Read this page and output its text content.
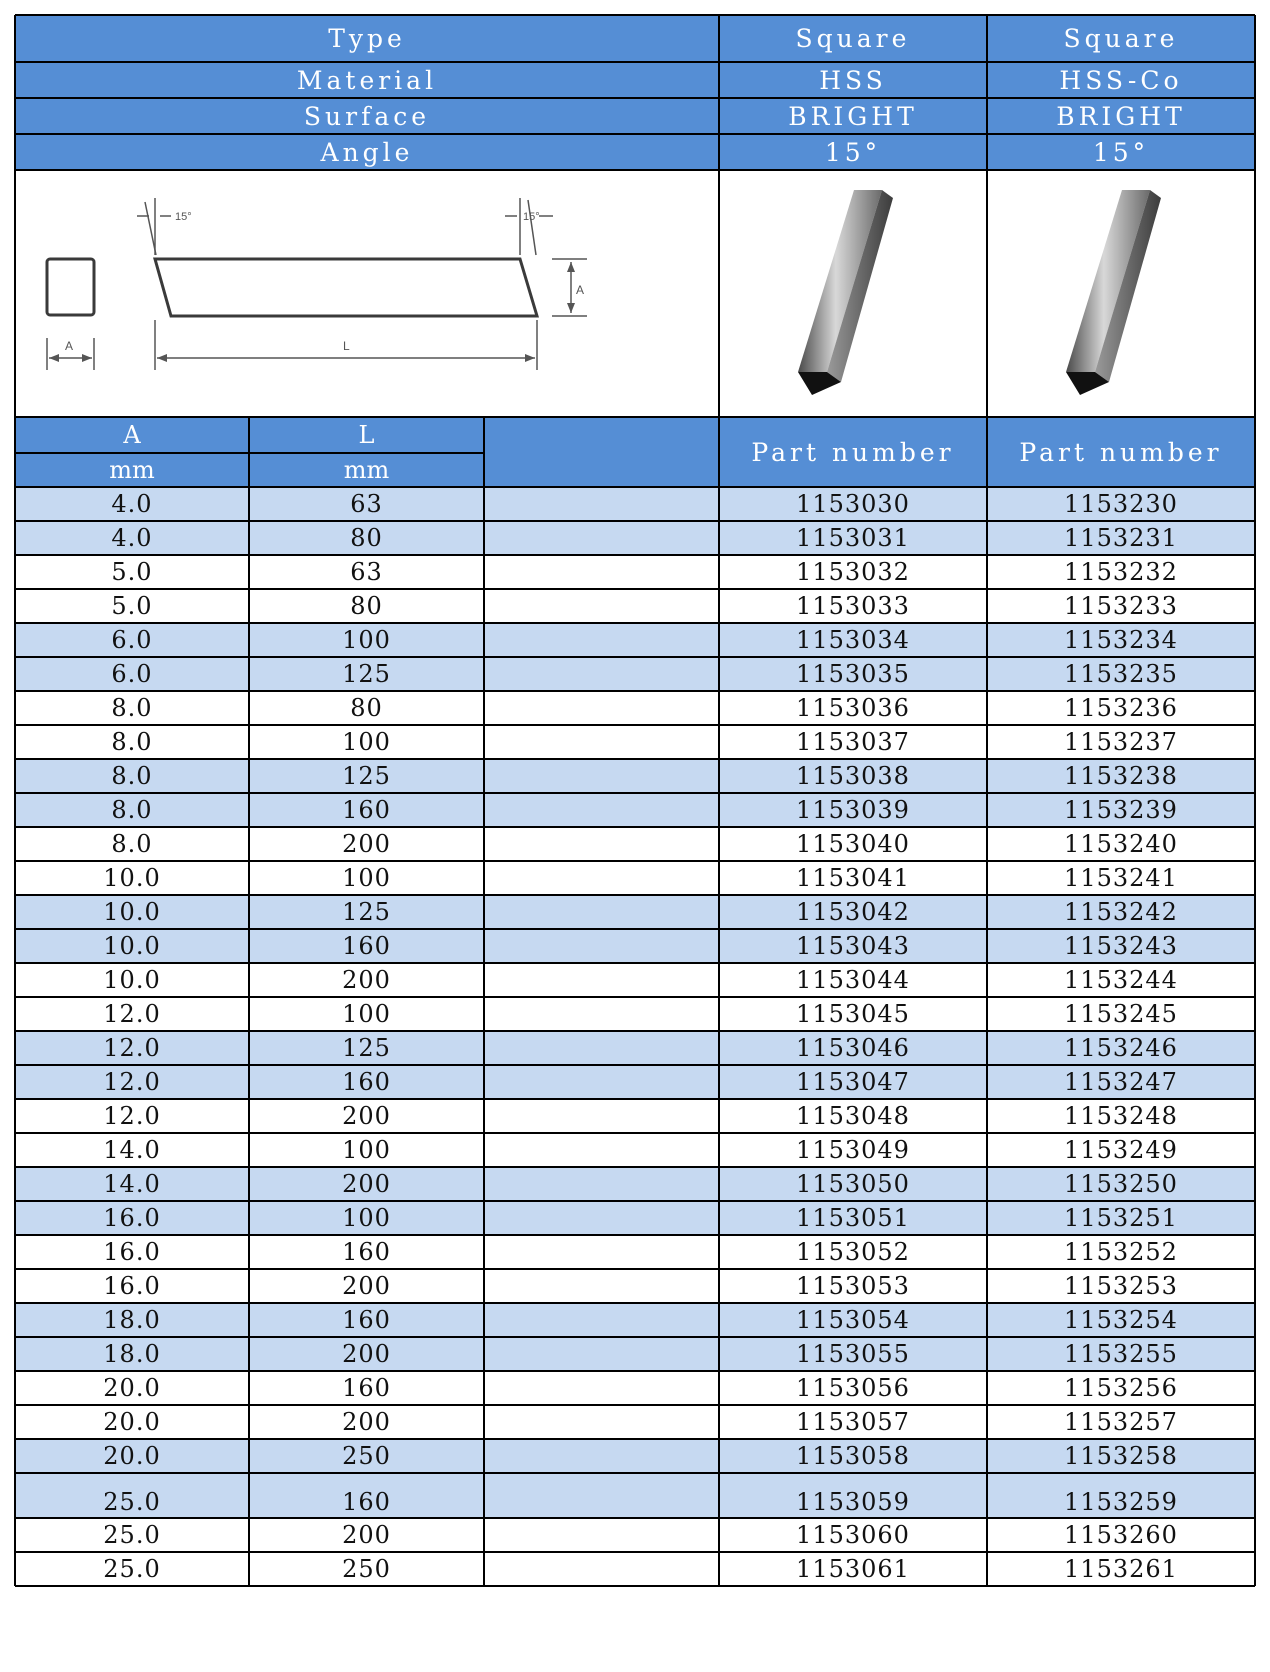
Type	Square	Square
Material	HSS	HSS-Co
Surface	BRIGHT	BRIGHT
Angle	15°	15°
15°	15°
A
A	L
A	L
mm	mm
Part number	Part number
4.0	63	1153030	1153230
4.0	80	1153031	1153231
5.0	63	1153032	1153232
5.0	80	1153033	1153233
6.0	100	1153034	1153234
6.0	125	1153035	1153235
8.0	80	1153036	1153236
8.0	100	1153037	1153237
8.0	125	1153038	1153238
8.0	160	1153039	1153239
8.0	200	1153040	1153240
10.0	100	1153041	1153241
10.0	125	1153042	1153242
10.0	160	1153043	1153243
10.0	200	1153044	1153244
12.0	100	1153045	1153245
12.0	125	1153046	1153246
12.0	160	1153047	1153247
12.0	200	1153048	1153248
14.0	100	1153049	1153249
14.0	200	1153050	1153250
16.0	100	1153051	1153251
16.0	160	1153052	1153252
16.0	200	1153053	1153253
18.0	160	1153054	1153254
18.0	200	1153055	1153255
20.0	160	1153056	1153256
20.0	200	1153057	1153257
20.0	250	1153058	1153258
25.0	160	1153059	1153259
25.0	200	1153060	1153260
25.0	250	1153061	1153261
